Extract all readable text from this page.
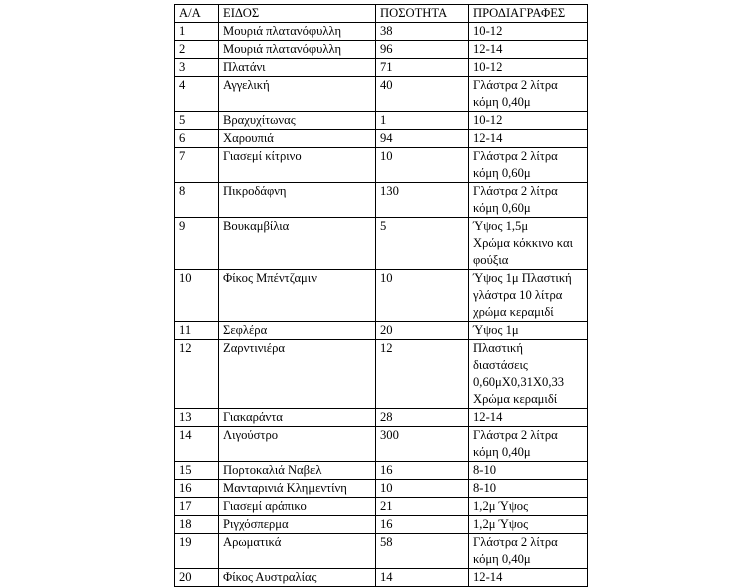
Α/Α	ΕΙΔΟΣ	ΠΟΣΟΤΗΤΑ	ΠΡΟΔΙΑΓΡΑΦΕΣ
1	Μουριά πλατανόφυλλη	38	10-12

2	Μουριά πλατανόφυλλη	96	12-14

3	Πλατάνι	71	10-12

4	Αγγελική	40	Γλάστρα 2 λίτρα
κόμη 0,40μ

5	Βραχυχίτωνας	1	10-12

6	Χαρουπιά	94	12-14

7	Γιασεμί κίτρινο	10	Γλάστρα 2 λίτρα
κόμη 0,60μ

8	Πικροδάφνη	130	Γλάστρα 2 λίτρα
κόμη 0,60μ

9	Βουκαμβίλια	5	Ύψος 1,5μ
Χρώμα κόκκινο και
φούξια

10	Φίκος Μπέντζαμιν	10	Ύψος 1μ Πλαστική
γλάστρα 10 λίτρα
χρώμα κεραμιδί

11	Σεφλέρα	20	Ύψος 1μ

12	Ζαρντινιέρα	12	Πλαστική
διαστάσεις
0,60μΧ0,31Χ0,33
Χρώμα κεραμιδί

13	Γιακαράντα	28	12-14

14	Λιγούστρο	300	Γλάστρα 2 λίτρα
κόμη 0,40μ

15	Πορτοκαλιά Ναβελ	16	8-10

16	Μανταρινιά Κλημεντίνη	10	8-10

17	Γιασεμί αράπικο	21	1,2μ Ύψος

18	Ριγχόσπερμα	16	1,2μ Ύψος

19	Αρωματικά	58	Γλάστρα 2 λίτρα
κόμη 0,40μ

20	Φίκος Αυστραλίας	14	12-14
